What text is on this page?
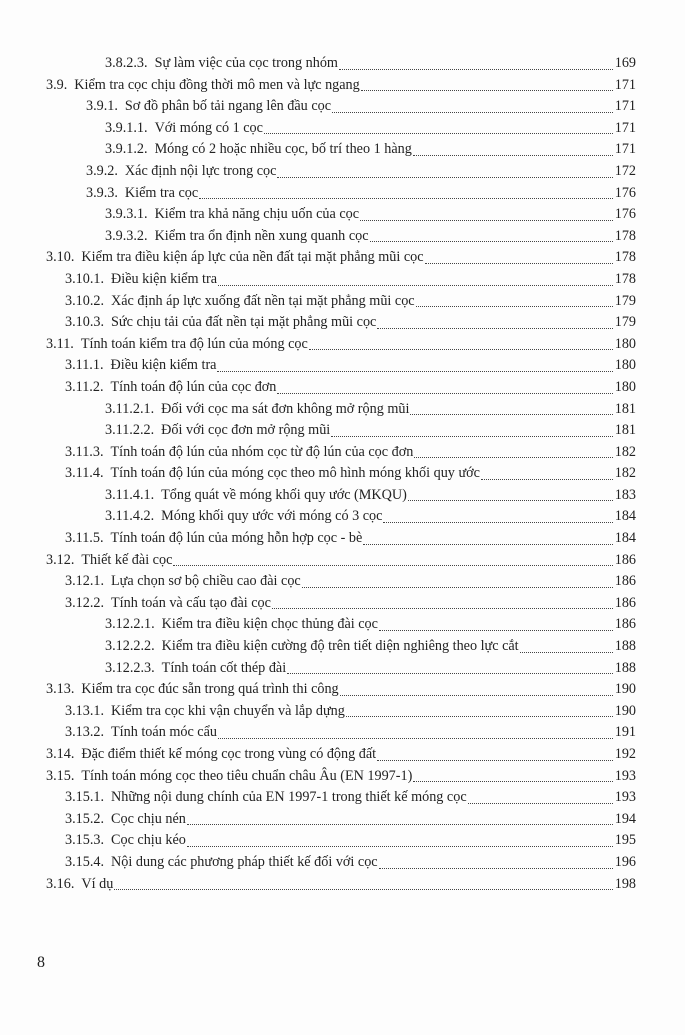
3.8.2.3. Sự làm việc của cọc trong nhóm	169
3.9. Kiểm tra cọc chịu đồng thời mô men và lực ngang	171
3.9.1. Sơ đồ phân bố tải ngang lên đầu cọc	171
3.9.1.1. Với móng có 1 cọc	171
3.9.1.2. Móng có 2 hoặc nhiều cọc, bố trí theo 1 hàng	171
3.9.2. Xác định nội lực trong cọc	172
3.9.3. Kiểm tra cọc	176
3.9.3.1. Kiểm tra khả năng chịu uốn của cọc	176
3.9.3.2. Kiểm tra ổn định nền xung quanh cọc	178
3.10. Kiểm tra điều kiện áp lực của nền đất tại mặt phẳng mũi cọc	178
3.10.1. Điều kiện kiểm tra	178
3.10.2. Xác định áp lực xuống đất nền tại mặt phẳng mũi cọc	179
3.10.3. Sức chịu tải của đất nền tại mặt phẳng mũi cọc	179
3.11. Tính toán kiểm tra độ lún của móng cọc	180
3.11.1. Điều kiện kiểm tra	180
3.11.2. Tính toán độ lún của cọc đơn	180
3.11.2.1. Đối với cọc ma sát đơn không mở rộng mũi	181
3.11.2.2. Đối với cọc đơn mở rộng mũi	181
3.11.3. Tính toán độ lún của nhóm cọc từ độ lún của cọc đơn	182
3.11.4. Tính toán độ lún của móng cọc theo mô hình móng khối quy ước	182
3.11.4.1. Tổng quát về móng khối quy ước (MKQU)	183
3.11.4.2. Móng khối quy ước với móng có 3 cọc	184
3.11.5. Tính toán độ lún của móng hỗn hợp cọc - bè	184
3.12. Thiết kế đài cọc	186
3.12.1. Lựa chọn sơ bộ chiều cao đài cọc	186
3.12.2. Tính toán và cấu tạo đài cọc	186
3.12.2.1. Kiểm tra điều kiện chọc thủng đài cọc	186
3.12.2.2. Kiểm tra điều kiện cường độ trên tiết diện nghiêng theo lực cắt	188
3.12.2.3. Tính toán cốt thép đài	188
3.13. Kiểm tra cọc đúc sẵn trong quá trình thi công	190
3.13.1. Kiểm tra cọc khi vận chuyển và lắp dựng	190
3.13.2. Tính toán móc cẩu	191
3.14. Đặc điểm thiết kế móng cọc trong vùng có động đất	192
3.15. Tính toán móng cọc theo tiêu chuẩn châu Âu (EN 1997-1)	193
3.15.1. Những nội dung chính của EN 1997-1 trong thiết kế móng cọc	193
3.15.2. Cọc chịu nén	194
3.15.3. Cọc chịu kéo	195
3.15.4. Nội dung các phương pháp thiết kế đối với cọc	196
3.16. Ví dụ	198
8
